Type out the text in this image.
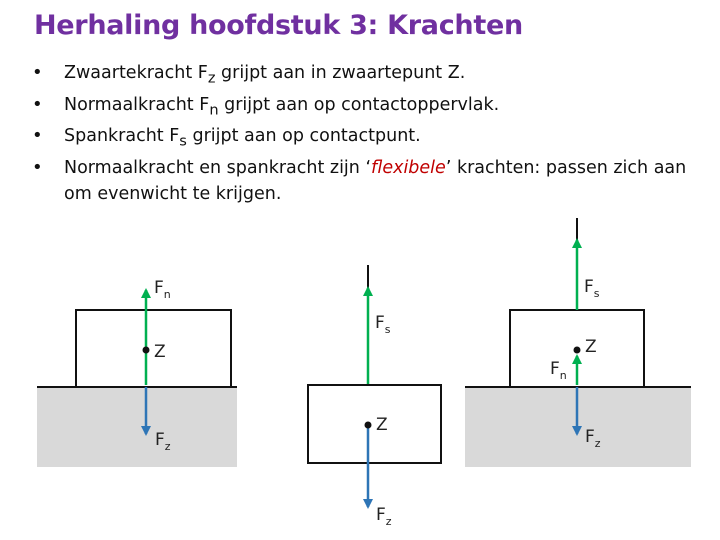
Herhaling hoofdstuk 3: Krachten
• Zwaartekracht $F_z$ grijpt aan in zwaartepunt Z.
• Normaalkracht $F_n$ grijpt aan op contactoppervlak.
• Spankracht $F_s$ grijpt aan op contactpunt.
• Normaalkracht en spankracht zijn ‘flexibele’ krachten: passen zich aan om evenwicht te krijgen.
Z
$F_n$
$F_z$
Z
$F_s$
$F_z$
Z
$F_s$
$F_n$
$F_z$
